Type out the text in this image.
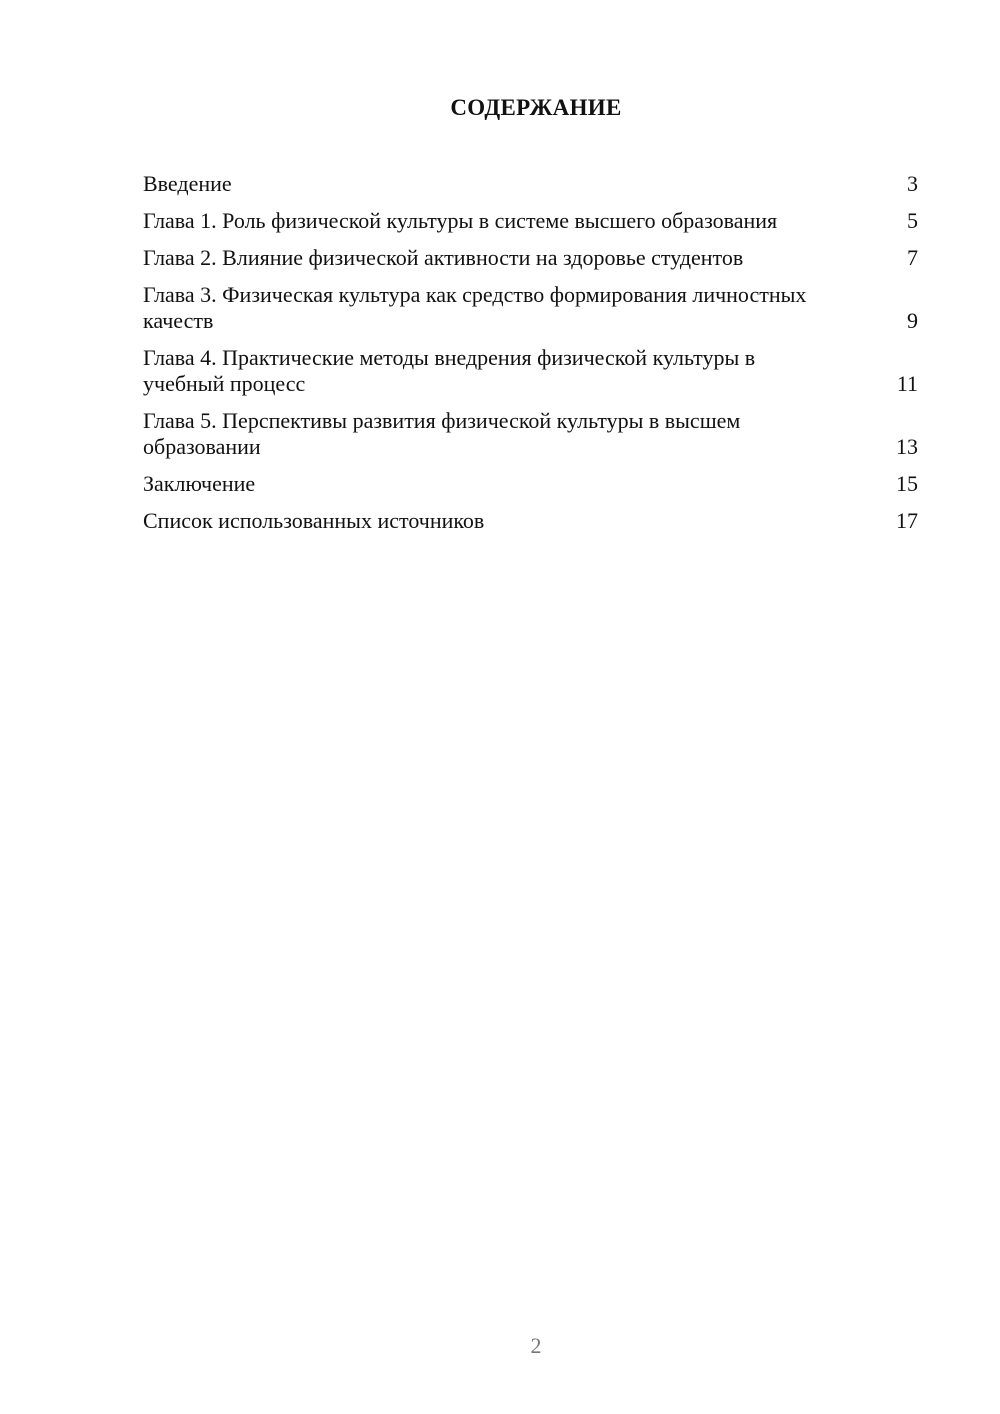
СОДЕРЖАНИЕ
Введение	3
Глава 1. Роль физической культуры в системе высшего образования	5
Глава 2. Влияние физической активности на здоровье студентов	7
Глава 3. Физическая культура как средство формирования личностных качеств	9
Глава 4. Практические методы внедрения физической культуры в учебный процесс	11
Глава 5. Перспективы развития физической культуры в высшем образовании	13
Заключение	15
Список использованных источников	17
2
